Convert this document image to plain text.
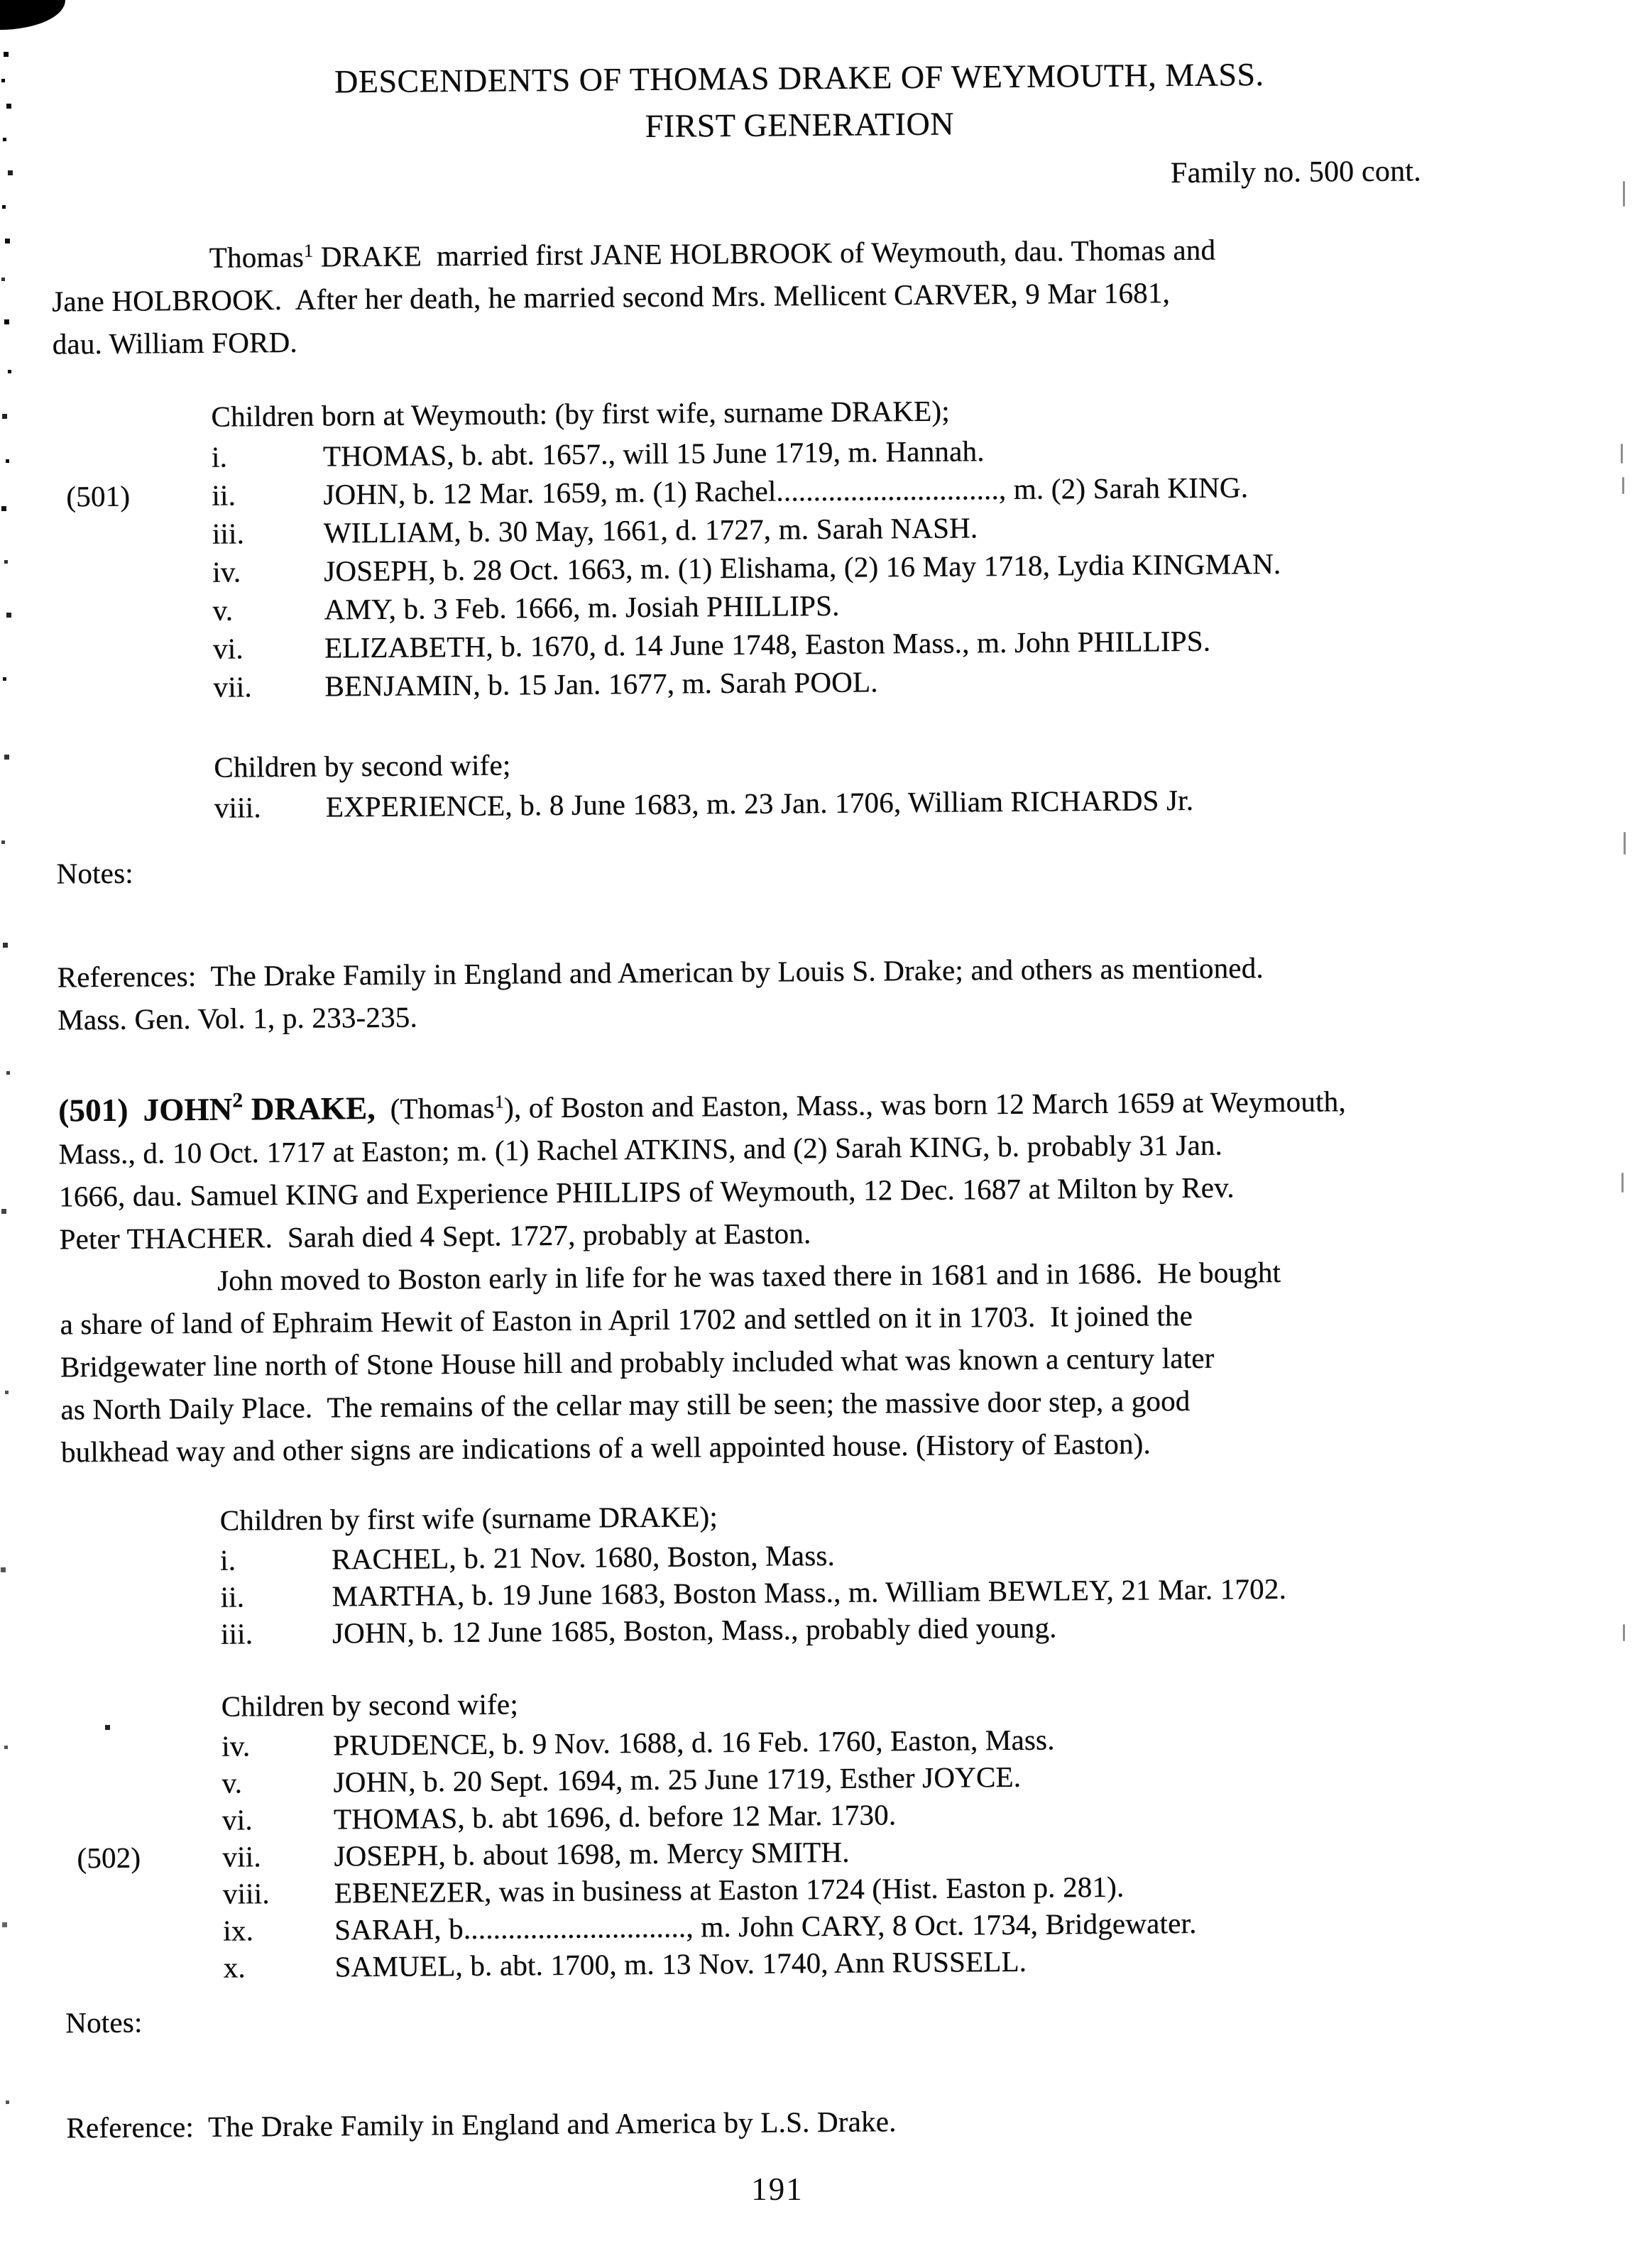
DESCENDENTS OF THOMAS DRAKE OF WEYMOUTH, MASS.
FIRST GENERATION
Family no. 500 cont.
Thomas$^1$ DRAKE  married first JANE HOLBROOK of Weymouth, dau. Thomas and
Jane HOLBROOK.  After her death, he married second Mrs. Mellicent CARVER, 9 Mar 1681,
dau. William FORD.
Children born at Weymouth: (by first wife, surname DRAKE);
i.	THOMAS, b. abt. 1657., will 15 June 1719, m. Hannah.
(501)	ii.	JOHN, b. 12 Mar. 1659, m. (1) Rachel.............................., m. (2) Sarah KING.
iii.	WILLIAM, b. 30 May, 1661, d. 1727, m. Sarah NASH.
iv.	JOSEPH, b. 28 Oct. 1663, m. (1) Elishama, (2) 16 May 1718, Lydia KINGMAN.
v.	AMY, b. 3 Feb. 1666, m. Josiah PHILLIPS.
vi.	ELIZABETH, b. 1670, d. 14 June 1748, Easton Mass., m. John PHILLIPS.
vii. BENJAMIN, b. 15 Jan. 1677, m. Sarah POOL.
Children by second wife;
viii. EXPERIENCE, b. 8 June 1683, m. 23 Jan. 1706, William RICHARDS Jr.
Notes:
References:  The Drake Family in England and American by Louis S. Drake; and others as mentioned.
Mass. Gen. Vol. 1, p. 233-235.
(501) JOHN$^2$ DRAKE,  (Thomas$^1$), of Boston and Easton, Mass., was born 12 March 1659 at Weymouth,
Mass., d. 10 Oct. 1717 at Easton; m. (1) Rachel ATKINS, and (2) Sarah KING, b. probably 31 Jan.
1666, dau. Samuel KING and Experience PHILLIPS of Weymouth, 12 Dec. 1687 at Milton by Rev.
Peter THACHER.  Sarah died 4 Sept. 1727, probably at Easton.
John moved to Boston early in life for he was taxed there in 1681 and in 1686.  He bought
a share of land of Ephraim Hewit of Easton in April 1702 and settled on it in 1703.  It joined the
Bridgewater line north of Stone House hill and probably included what was known a century later
as North Daily Place.  The remains of the cellar may still be seen; the massive door step, a good
bulkhead way and other signs are indications of a well appointed house. (History of Easton).
Children by first wife (surname DRAKE);
i.	RACHEL, b. 21 Nov. 1680, Boston, Mass.
ii.	MARTHA, b. 19 June 1683, Boston Mass., m. William BEWLEY, 21 Mar. 1702.
iii.	JOHN, b. 12 June 1685, Boston, Mass., probably died young.
Children by second wife;
iv.	PRUDENCE, b. 9 Nov. 1688, d. 16 Feb. 1760, Easton, Mass.
v.	JOHN, b. 20 Sept. 1694, m. 25 June 1719, Esther JOYCE.
vi.	THOMAS, b. abt 1696, d. before 12 Mar. 1730.
(502)	vii. JOSEPH, b. about 1698, m. Mercy SMITH.
viii. EBENEZER, was in business at Easton 1724 (Hist. Easton p. 281).
ix.	SARAH, b.............................., m. John CARY, 8 Oct. 1734, Bridgewater.
x.	SAMUEL, b. abt. 1700, m. 13 Nov. 1740, Ann RUSSELL.
Notes:
Reference:  The Drake Family in England and America by L.S. Drake.
191
